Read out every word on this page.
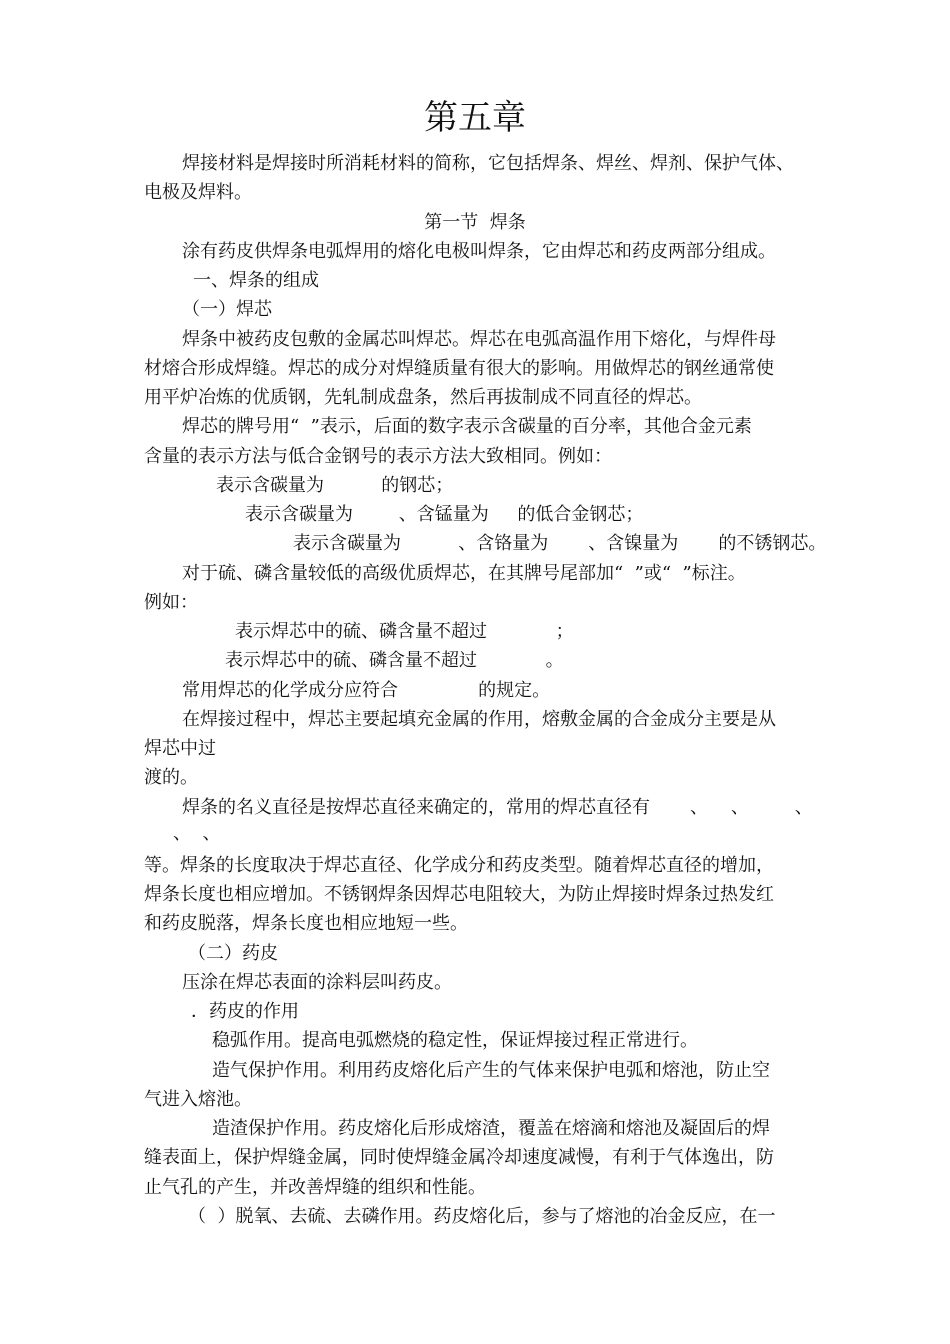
第五章
焊接材料是焊接时所消耗材料的简称，它包括焊条、焊丝、焊剂、保护气体、
电极及焊料。
第一节  焊条
涂有药皮供焊条电弧焊用的熔化电极叫焊条，它由焊芯和药皮两部分组成。
一、焊条的组成
（一）焊芯
焊条中被药皮包敷的金属芯叫焊芯。焊芯在电弧高温作用下熔化，与焊件母
材熔合形成焊缝。焊芯的成分对焊缝质量有很大的影响。用做焊芯的钢丝通常使
用平炉冶炼的优质钢，先轧制成盘条，然后再拔制成不同直径的焊芯。
焊芯的牌号用“  ”表示，后面的数字表示含碳量的百分率，其他合金元素
含量的表示方法与低合金钢号的表示方法大致相同。例如：
表示含碳量为          的钢芯；
表示含碳量为        、含锰量为     的低合金钢芯；
表示含碳量为          、含铬量为       、含镍量为       的不锈钢芯。
对于硫、磷含量较低的高级优质焊芯，在其牌号尾部加“  ”或“  ”标注。
例如：
表示焊芯中的硫、磷含量不超过            ；
表示焊芯中的硫、磷含量不超过            。
常用焊芯的化学成分应符合              的规定。
在焊接过程中，焊芯主要起填充金属的作用，熔敷金属的合金成分主要是从
焊芯中过
渡的。
焊条的名义直径是按焊芯直径来确定的，常用的焊芯直径有       、    、        、
、  、
等。焊条的长度取决于焊芯直径、化学成分和药皮类型。随着焊芯直径的增加，
焊条长度也相应增加。不锈钢焊条因焊芯电阻较大，为防止焊接时焊条过热发红
和药皮脱落，焊条长度也相应地短一些。
（二）药皮
压涂在焊芯表面的涂料层叫药皮。
．药皮的作用
稳弧作用。提高电弧燃烧的稳定性，保证焊接过程正常进行。
造气保护作用。利用药皮熔化后产生的气体来保护电弧和熔池，防止空
气进入熔池。
造渣保护作用。药皮熔化后形成熔渣，覆盖在熔滴和熔池及凝固后的焊
缝表面上，保护焊缝金属，同时使焊缝金属冷却速度减慢，有利于气体逸出，防
止气孔的产生，并改善焊缝的组织和性能。
（  ）脱氧、去硫、去磷作用。药皮熔化后，参与了熔池的冶金反应，在一
